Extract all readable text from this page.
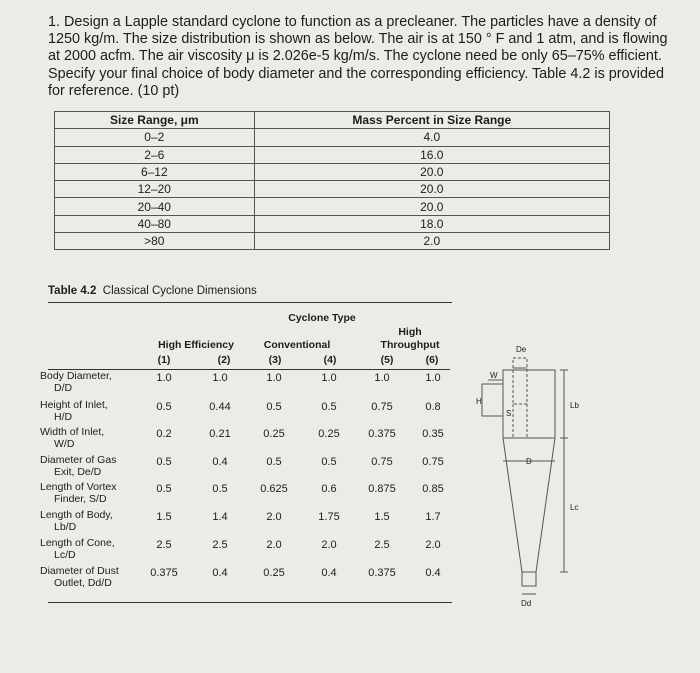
1. Design a Lapple standard cyclone to function as a precleaner. The particles have a density of 1250 kg/m. The size distribution is shown as below. The air is at 150 ° F and 1 atm, and is flowing at 2000 acfm. The air viscosity μ is 2.026e-5 kg/m/s. The cyclone need be only 65–75% efficient. Specify your final choice of body diameter and the corresponding efficiency. Table 4.2 is provided for reference. (10 pt)
Size Range, μm	Mass Percent in Size Range
0–2	4.0
2–6	16.0
6–12	20.0
12–20	20.0
20–40	20.0
40–80	18.0
>80	2.0
Table 4.2 Classical Cyclone Dimensions
Cyclone Type
High Efficiency	Conventional
High
Throughput
(1)	(2)	(3)	(4)	(5)	(6)
Body Diameter,
D/D
1.0	1.0	1.0	1.0	1.0	1.0
Height of Inlet,
H/D
0.5	0.44	0.5	0.5	0.75	0.8
Width of Inlet,
W/D
0.2	0.21	0.25	0.25	0.375	0.35
Diameter of Gas
Exit, De/D
0.5	0.4	0.5	0.5	0.75	0.75
Length of Vortex
Finder, S/D
0.5	0.5	0.625	0.6	0.875	0.85
Length of Body,
Lb/D
1.5	1.4	2.0	1.75	1.5	1.7
Length of Cone,
Lc/D
2.5	2.5	2.0	2.0	2.5	2.0
Diameter of Dust
Outlet, Dd/D
0.375	0.4	0.25	0.4	0.375	0.4
De
W
H
S
D
Lb
Lc
Dd
